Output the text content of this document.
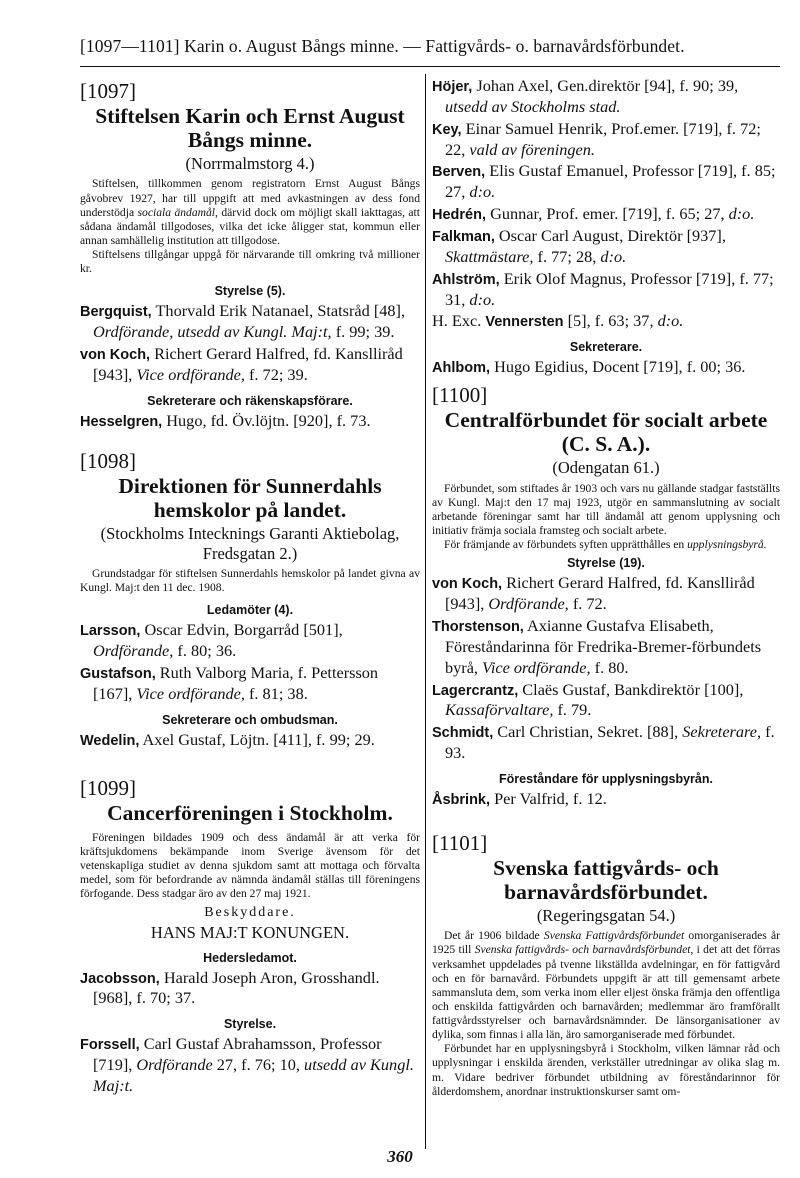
[1097—1101] Karin o. August Bångs minne. — Fattigvårds- o. barnavårdsförbundet.
[1097]
Stiftelsen Karin och Ernst August Bångs minne.
(Norrmalmstorg 4.)

Stiftelsen, tillkommen genom registratorn Ernst August Bångs gåvobrev 1927, har till uppgift att med avkastningen av dess fond understödja sociala ändamål, därvid dock om möjligt skall iakttagas, att sådana ändamål tillgodoses, vilka det icke åligger stat, kommun eller annan samhällelig institution att tillgodose.

Stiftelsens tillgångar uppgå för närvarande till omkring två millioner kr.

Styrelse (5).

Bergquist, Thorvald Erik Natanael, Statsråd [48], Ordförande, utsedd av Kungl. Maj:t, f. 99; 39.

von Koch, Richert Gerard Halfred, fd. Kanslliråd [943], Vice ordförande, f. 72; 39.

Sekreterare och räkenskapsförare.

Hesselgren, Hugo, fd. Öv.löjtn. [920], f. 73.

[1098]
Direktionen för Sunnerdahls hemskolor på landet.
(Stockholms Intecknings Garanti Aktiebolag, Fredsgatan 2.)

Grundstadgar för stiftelsen Sunnerdahls hemskolor på landet givna av Kungl. Maj:t den 11 dec. 1908.

Ledamöter (4).

Larsson, Oscar Edvin, Borgarråd [501], Ordförande, f. 80; 36.

Gustafson, Ruth Valborg Maria, f. Pettersson [167], Vice ordförande, f. 81; 38.

Sekreterare och ombudsman.

Wedelin, Axel Gustaf, Löjtn. [411], f. 99; 29.

[1099]
Cancerföreningen i Stockholm.

Föreningen bildades 1909 och dess ändamål är att verka för kräftsjukdomens bekämpande inom Sverige ävensom för det vetenskapliga studiet av denna sjukdom samt att mottaga och förvalta medel, som för befordrande av nämnda ändamål ställas till föreningens förfogande. Dess stadgar äro av den 27 maj 1921.

Beskyddare.
HANS MAJ:T KONUNGEN.
Hedersledamot.

Jacobsson, Harald Joseph Aron, Grosshandl. [968], f. 70; 37.

Styrelse.

Forssell, Carl Gustaf Abrahamsson, Professor [719], Ordförande 27, f. 76; 10, utsedd av Kungl. Maj:t.

Höjer, Johan Axel, Gen.direktör [94], f. 90; 39, utsedd av Stockholms stad.

Key, Einar Samuel Henrik, Prof.emer. [719], f. 72; 22, vald av föreningen.

Berven, Elis Gustaf Emanuel, Professor [719], f. 85; 27, d:o.

Hedrén, Gunnar, Prof. emer. [719], f. 65; 27, d:o.

Falkman, Oscar Carl August, Direktör [937], Skattmästare, f. 77; 28, d:o.

Ahlström, Erik Olof Magnus, Professor [719], f. 77; 31, d:o.

H. Exc. Vennersten [5], f. 63; 37, d:o.

Sekreterare.

Ahlbom, Hugo Egidius, Docent [719], f. 00; 36.

[1100]
Centralförbundet för socialt arbete (C. S. A.).
(Odengatan 61.)

Förbundet, som stiftades år 1903 och vars nu gällande stadgar fastställts av Kungl. Maj:t den 17 maj 1923, utgör en sammanslutning av socialt arbetande föreningar samt har till ändamål att genom upplysning och initiativ främja sociala framsteg och socialt arbete.

För främjande av förbundets syften upprätthålles en upplysningsbyrå.

Styrelse (19).

von Koch, Richert Gerard Halfred, fd. Kanslliråd [943], Ordförande, f. 72.

Thorstenson, Axianne Gustafva Elisabeth, Föreståndarinna för Fredrika-Bremer-förbundets byrå, Vice ordförande, f. 80.

Lagercrantz, Claës Gustaf, Bankdirektör [100], Kassaförvaltare, f. 79.

Schmidt, Carl Christian, Sekret. [88], Sekreterare, f. 93.

Föreståndare för upplysningsbyrån.

Åsbrink, Per Valfrid, f. 12.

[1101]
Svenska fattigvårds- och barnavårdsförbundet.
(Regeringsgatan 54.)

Det år 1906 bildade Svenska Fattigvårdsförbundet omorganiserades år 1925 till Svenska fattigvårds- och barnavårdsförbundet, i det att det förras verksamhet uppdelades på tvenne likställda avdelningar, en för fattigvård och en för barnavård. Förbundets uppgift är att till gemensamt arbete sammansluta dem, som verka inom eller eljest önska främja den offentliga och enskilda fattigvården och barnavården; medlemmar äro framförallt fattigvårdsstyrelser och barnavårdsnämnder. De länsorganisationer av dylika, som finnas i alla län, äro samorganiserade med förbundet.

Förbundet har en upplysningsbyrå i Stockholm, vilken lämnar råd och upplysningar i enskilda ärenden, verkställer utredningar av olika slag m. m. Vidare bedriver förbundet utbildning av föreståndarinnor för ålderdomshem, anordnar instruktionskurser samt om-

360
